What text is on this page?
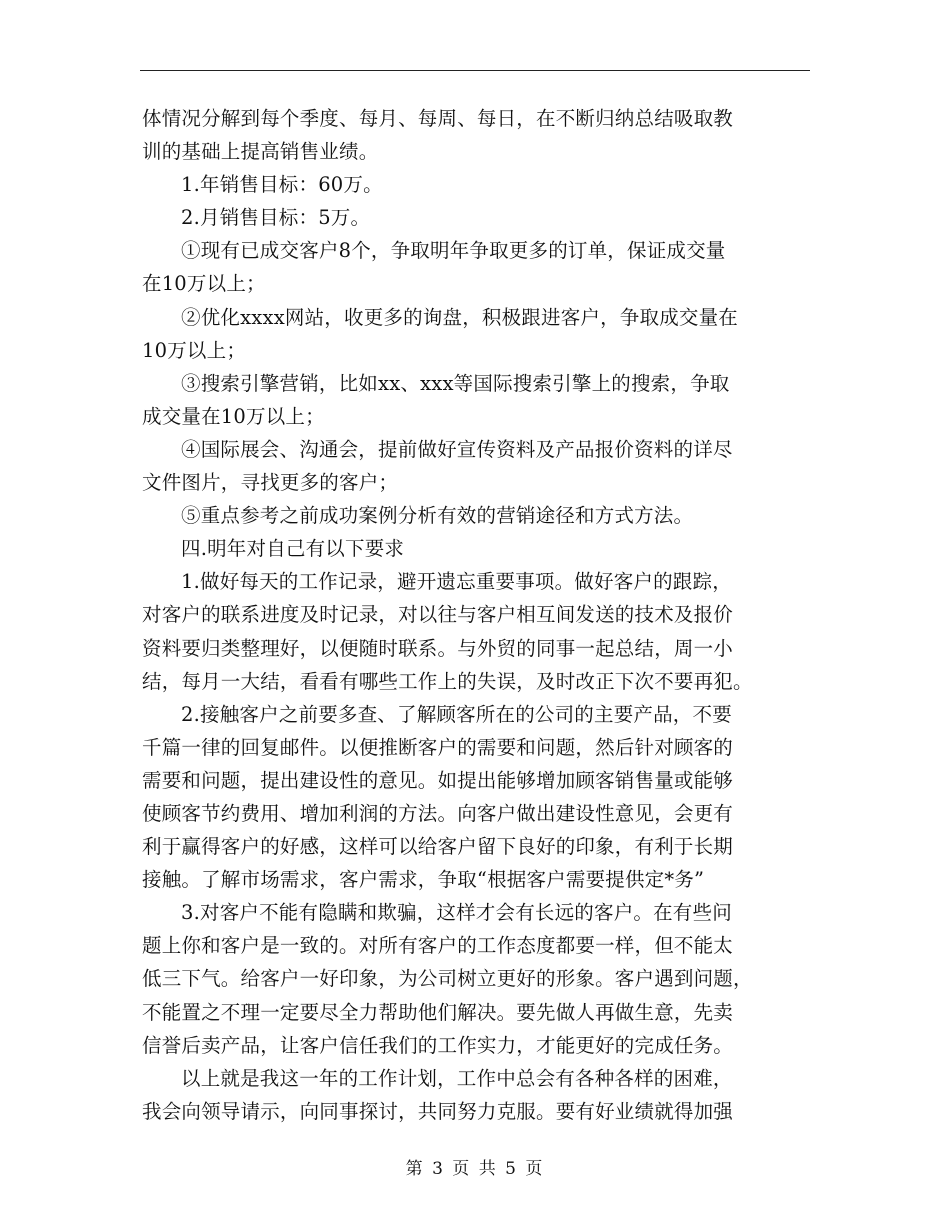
体情况分解到每个季度、每月、每周、每日，在不断归纳总结吸取教
训的基础上提高销售业绩。
1.年销售目标：60万。
2.月销售目标：5万。
①现有已成交客户8个，争取明年争取更多的订单，保证成交量
在10万以上；
②优化xxxx网站，收更多的询盘，积极跟进客户，争取成交量在
10万以上；
③搜索引擎营销，比如xx、xxx等国际搜索引擎上的搜索，争取
成交量在10万以上；
④国际展会、沟通会，提前做好宣传资料及产品报价资料的详尽
文件图片，寻找更多的客户；
⑤重点参考之前成功案例分析有效的营销途径和方式方法。
四.明年对自己有以下要求
1.做好每天的工作记录，避开遗忘重要事项。做好客户的跟踪，
对客户的联系进度及时记录，对以往与客户相互间发送的技术及报价
资料要归类整理好，以便随时联系。与外贸的同事一起总结，周一小
结，每月一大结，看看有哪些工作上的失误，及时改正下次不要再犯。
2.接触客户之前要多查、了解顾客所在的公司的主要产品，不要
千篇一律的回复邮件。以便推断客户的需要和问题，然后针对顾客的
需要和问题，提出建设性的意见。如提出能够增加顾客销售量或能够
使顾客节约费用、增加利润的方法。向客户做出建设性意见，会更有
利于赢得客户的好感，这样可以给客户留下良好的印象，有利于长期
接触。了解市场需求，客户需求，争取“根据客户需要提供定*务”
3.对客户不能有隐瞒和欺骗，这样才会有长远的客户。在有些问
题上你和客户是一致的。对所有客户的工作态度都要一样，但不能太
低三下气。给客户一好印象，为公司树立更好的形象。客户遇到问题，
不能置之不理一定要尽全力帮助他们解决。要先做人再做生意，先卖
信誉后卖产品，让客户信任我们的工作实力，才能更好的完成任务。
以上就是我这一年的工作计划，工作中总会有各种各样的困难，
我会向领导请示，向同事探讨，共同努力克服。要有好业绩就得加强
第 3 页 共 5 页
